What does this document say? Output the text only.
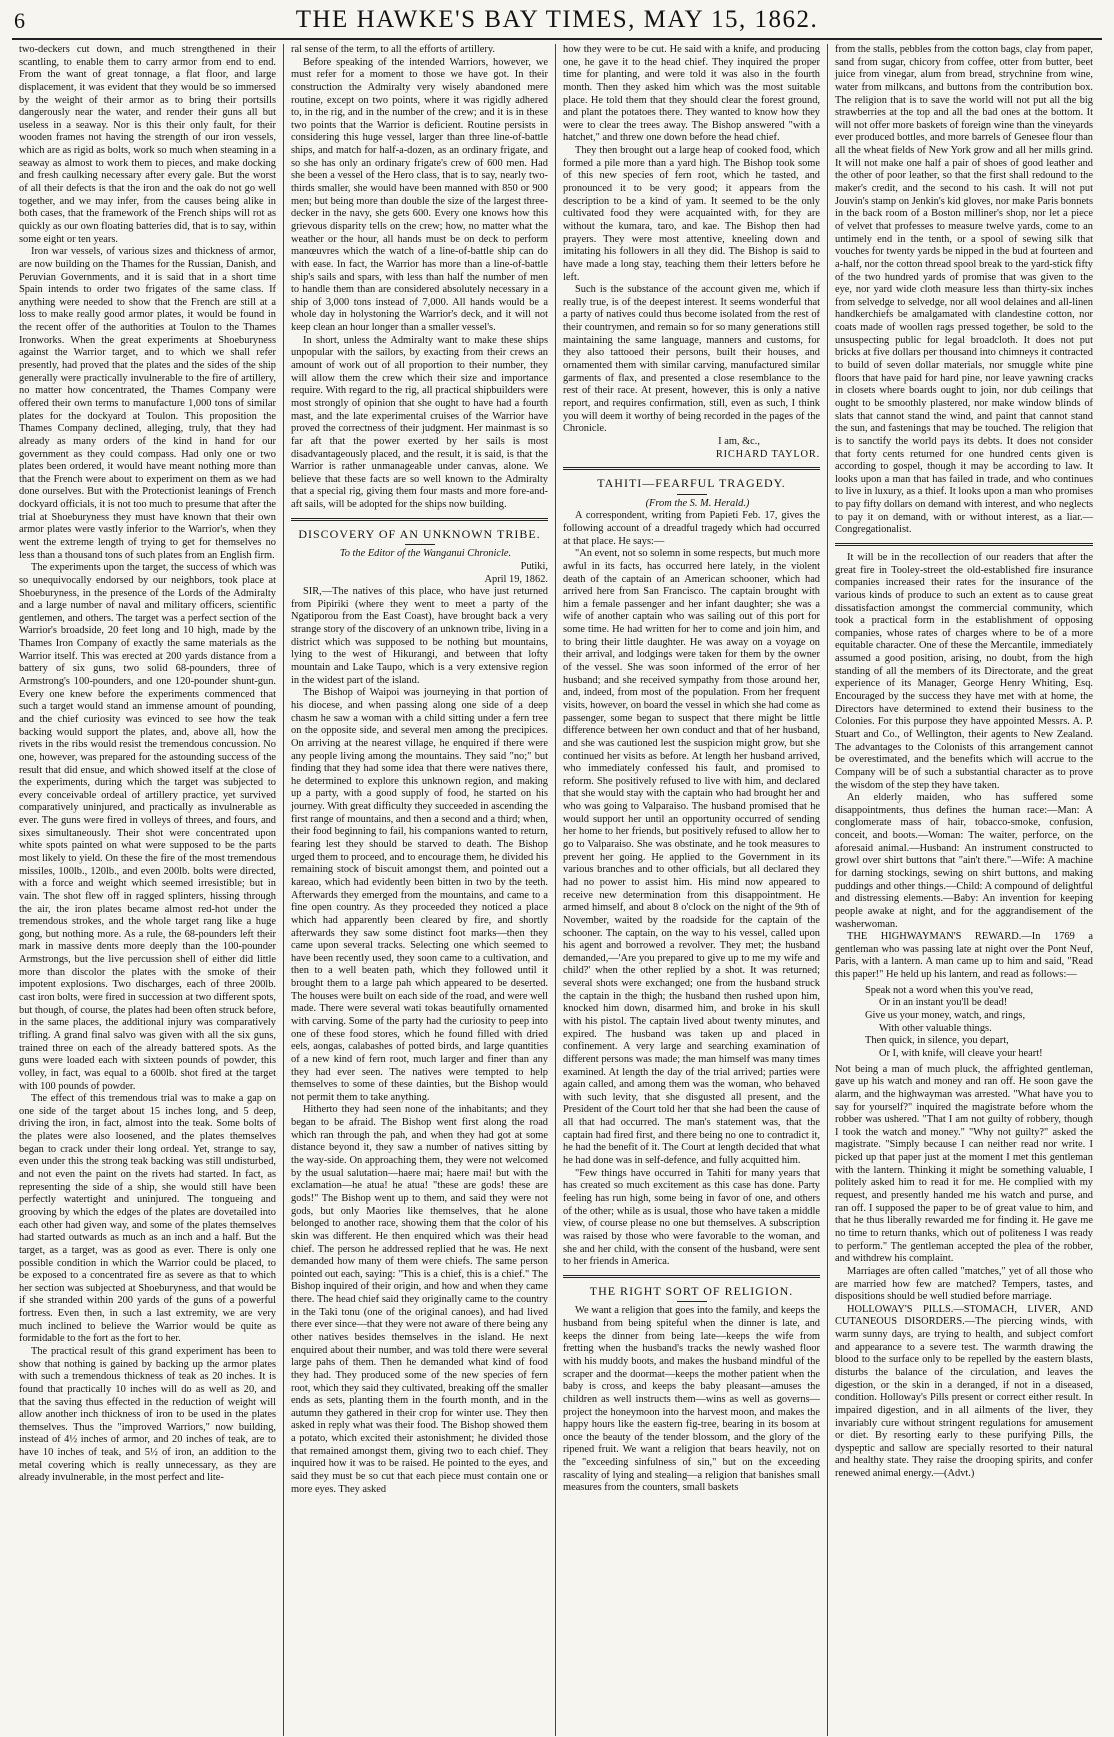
6	THE HAWKE'S BAY TIMES, MAY 15, 1862.

two-deckers cut down, and much strengthened in their scantling, to enable them to carry armor from end to end. From the want of great tonnage, a flat floor, and large displacement, it was evident that they would be so immersed by the weight of their armor as to bring their portsills dangerously near the water, and render their guns all but useless in a seaway. Nor is this their only fault, for their wooden frames not having the strength of our iron vessels, which are as rigid as bolts, work so much when steaming in a seaway as almost to work them to pieces, and make docking and fresh caulking necessary after every gale. But the worst of all their defects is that the iron and the oak do not go well together, and we may infer, from the causes being alike in both cases, that the framework of the French ships will rot as quickly as our own floating batteries did, that is to say, within some eight or ten years.

Iron war vessels, of various sizes and thickness of armor, are now building on the Thames for the Russian, Danish, and Peruvian Governments, and it is said that in a short time Spain intends to order two frigates of the same class. If anything were needed to show that the French are still at a loss to make really good armor plates, it would be found in the recent offer of the authorities at Toulon to the Thames Ironworks. When the great experiments at Shoeburyness against the Warrior target, and to which we shall refer presently, had proved that the plates and the sides of the ship generally were practically invulnerable to the fire of artillery, no matter how concentrated, the Thames Company were offered their own terms to manufacture 1,000 tons of similar plates for the dockyard at Toulon. This proposition the Thames Company declined, alleging, truly, that they had already as many orders of the kind in hand for our government as they could compass. Had only one or two plates been ordered, it would have meant nothing more than that the French were about to experiment on them as we had done ourselves. But with the Protectionist leanings of French dockyard officials, it is not too much to presume that after the trial at Shoeburyness they must have known that their own armor plates were vastly inferior to the Warrior's, when they went the extreme length of trying to get for themselves no less than a thousand tons of such plates from an English firm.

The experiments upon the target, the success of which was so unequivocally endorsed by our neighbors, took place at Shoeburyness, in the presence of the Lords of the Admiralty and a large number of naval and military officers, scientific gentlemen, and others. The target was a perfect section of the Warrior's broadside, 20 feet long and 10 high, made by the Thames Iron Company of exactly the same materials as the Warrior itself. This was erected at 200 yards distance from a battery of six guns, two solid 68-pounders, three of Armstrong's 100-pounders, and one 120-pounder shunt-gun. Every one knew before the experiments commenced that such a target would stand an immense amount of pounding, and the chief curiosity was evinced to see how the teak backing would support the plates, and, above all, how the rivets in the ribs would resist the tremendous concussion. No one, however, was prepared for the astounding success of the result that did ensue, and which showed itself at the close of the experiments, during which the target was subjected to every conceivable ordeal of artillery practice, yet survived comparatively uninjured, and practically as invulnerable as ever. The guns were fired in volleys of threes, and fours, and sixes simultaneously. Their shot were concentrated upon white spots painted on what were supposed to be the parts most likely to yield. On these the fire of the most tremendous missiles, 100lb., 120lb., and even 200lb. bolts were directed, with a force and weight which seemed irresistible; but in vain. The shot flew off in ragged splinters, hissing through the air, the iron plates became almost red-hot under the tremendous strokes, and the whole target rang like a huge gong, but nothing more. As a rule, the 68-pounders left their mark in massive dents more deeply than the 100-pounder Armstrongs, but the live percussion shell of either did little more than discolor the plates with the smoke of their impotent explosions. Two discharges, each of three 200lb. cast iron bolts, were fired in succession at two different spots, but though, of course, the plates had been often struck before, in the same places, the additional injury was comparatively trifling. A grand final salvo was given with all the six guns, trained three on each of the already battered spots. As the guns were loaded each with sixteen pounds of powder, this volley, in fact, was equal to a 600lb. shot fired at the target with 100 pounds of powder.

The effect of this tremendous trial was to make a gap on one side of the target about 15 inches long, and 5 deep, driving the iron, in fact, almost into the teak. Some bolts of the plates were also loosened, and the plates themselves began to crack under their long ordeal. Yet, strange to say, even under this the strong teak backing was still undisturbed, and not even the paint on the rivets had started. In fact, as representing the side of a ship, she would still have been perfectly watertight and uninjured. The tongueing and grooving by which the edges of the plates are dovetailed into each other had given way, and some of the plates themselves had started outwards as much as an inch and a half. But the target, as a target, was as good as ever. There is only one possible condition in which the Warrior could be placed, to be exposed to a concentrated fire as severe as that to which her section was subjected at Shoeburyness, and that would be if she stranded within 200 yards of the guns of a powerful fortress. Even then, in such a last extremity, we are very much inclined to believe the Warrior would be quite as formidable to the fort as the fort to her.

The practical result of this grand experiment has been to show that nothing is gained by backing up the armor plates with such a tremendous thickness of teak as 20 inches. It is found that practically 10 inches will do as well as 20, and that the saving thus effected in the reduction of weight will allow another inch thickness of iron to be used in the plates themselves. Thus the "improved Warriors," now building, instead of 4½ inches of armor, and 20 inches of teak, are to have 10 inches of teak, and 5½ of iron, an addition to the metal covering which is really unnecessary, as they are already invulnerable, in the most perfect and lite-

ral sense of the term, to all the efforts of artillery.

Before speaking of the intended Warriors, however, we must refer for a moment to those we have got. In their construction the Admiralty very wisely abandoned mere routine, except on two points, where it was rigidly adhered to, in the rig, and in the number of the crew; and it is in these two points that the Warrior is deficient. Routine persists in considering this huge vessel, larger than three line-of-battle ships, and match for half-a-dozen, as an ordinary frigate, and so she has only an ordinary frigate's crew of 600 men. Had she been a vessel of the Hero class, that is to say, nearly two-thirds smaller, she would have been manned with 850 or 900 men; but being more than double the size of the largest three-decker in the navy, she gets 600. Every one knows how this grievous disparity tells on the crew; how, no matter what the weather or the hour, all hands must be on deck to perform manœuvres which the watch of a line-of-battle ship can do with ease. In fact, the Warrior has more than a line-of-battle ship's sails and spars, with less than half the number of men to handle them than are considered absolutely necessary in a ship of 3,000 tons instead of 7,000. All hands would be a whole day in holystoning the Warrior's deck, and it will not keep clean an hour longer than a smaller vessel's.

In short, unless the Admiralty want to make these ships unpopular with the sailors, by exacting from their crews an amount of work out of all proportion to their number, they will allow them the crew which their size and importance require. With regard to the rig, all practical shipbuilders were most strongly of opinion that she ought to have had a fourth mast, and the late experimental cruises of the Warrior have proved the correctness of their judgment. Her mainmast is so far aft that the power exerted by her sails is most disadvantageously placed, and the result, it is said, is that the Warrior is rather unmanageable under canvas, alone. We believe that these facts are so well known to the Admiralty that a special rig, giving them four masts and more fore-and-aft sails, will be adopted for the ships now building.

DISCOVERY OF AN UNKNOWN TRIBE.

To the Editor of the Wanganui Chronicle.

Putiki,

April 19, 1862.

SIR,—The natives of this place, who have just returned from Pipiriki (where they went to meet a party of the Ngatiporou from the East Coast), have brought back a very strange story of the discovery of an unknown tribe, living in a district which was supposed to be nothing but mountains, lying to the west of Hikurangi, and between that lofty mountain and Lake Taupo, which is a very extensive region in the widest part of the island.

The Bishop of Waipoi was journeying in that portion of his diocese, and when passing along one side of a deep chasm he saw a woman with a child sitting under a fern tree on the opposite side, and several men among the precipices. On arriving at the nearest village, he enquired if there were any people living among the mountains. They said "no;" but finding that they had some idea that there were natives there, he determined to explore this unknown region, and making up a party, with a good supply of food, he started on his journey. With great difficulty they succeeded in ascending the first range of mountains, and then a second and a third; when, their food beginning to fail, his companions wanted to return, fearing lest they should be starved to death. The Bishop urged them to proceed, and to encourage them, he divided his remaining stock of biscuit amongst them, and pointed out a kareao, which had evidently been bitten in two by the teeth. Afterwards they emerged from the mountains, and came to a fine open country. As they proceeded they noticed a place which had apparently been cleared by fire, and shortly afterwards they saw some distinct foot marks—then they came upon several tracks. Selecting one which seemed to have been recently used, they soon came to a cultivation, and then to a well beaten path, which they followed until it brought them to a large pah which appeared to be deserted. The houses were built on each side of the road, and were well made. There were several wati tokas beautifully ornamented with carving. Some of the party had the curiosity to peep into one of these food stores, which he found filled with dried eels, aongas, calabashes of potted birds, and large quantities of a new kind of fern root, much larger and finer than any they had ever seen. The natives were tempted to help themselves to some of these dainties, but the Bishop would not permit them to take anything.

Hitherto they had seen none of the inhabitants; and they began to be afraid. The Bishop went first along the road which ran through the pah, and when they had got at some distance beyond it, they saw a number of natives sitting by the way-side. On approaching them, they were not welcomed by the usual salutation—haere mai; haere mai! but with the exclamation—he atua! he atua! "these are gods! these are gods!" The Bishop went up to them, and said they were not gods, but only Maories like themselves, that he alone belonged to another race, showing them that the color of his skin was different. He then enquired which was their head chief. The person he addressed replied that he was. He next demanded how many of them were chiefs. The same person pointed out each, saying: "This is a chief, this is a chief." The Bishop inquired of their origin, and how and when they came there. The head chief said they originally came to the country in the Taki tonu (one of the original canoes), and had lived there ever since—that they were not aware of there being any other natives besides themselves in the island. He next enquired about their number, and was told there were several large pahs of them. Then he demanded what kind of food they had. They produced some of the new species of fern root, which they said they cultivated, breaking off the smaller ends as sets, planting them in the fourth month, and in the autumn they gathered in their crop for winter use. They then asked in reply what was their food. The Bishop showed them a potato, which excited their astonishment; he divided those that remained amongst them, giving two to each chief. They inquired how it was to be raised. He pointed to the eyes, and said they must be so cut that each piece must contain one or more eyes. They asked

how they were to be cut. He said with a knife, and producing one, he gave it to the head chief. They inquired the proper time for planting, and were told it was also in the fourth month. Then they asked him which was the most suitable place. He told them that they should clear the forest ground, and plant the potatoes there. They wanted to know how they were to clear the trees away. The Bishop answered "with a hatchet," and threw one down before the head chief.

They then brought out a large heap of cooked food, which formed a pile more than a yard high. The Bishop took some of this new species of fern root, which he tasted, and pronounced it to be very good; it appears from the description to be a kind of yam. It seemed to be the only cultivated food they were acquainted with, for they are without the kumara, taro, and kae. The Bishop then had prayers. They were most attentive, kneeling down and imitating his followers in all they did. The Bishop is said to have made a long stay, teaching them their letters before he left.

Such is the substance of the account given me, which if really true, is of the deepest interest. It seems wonderful that a party of natives could thus become isolated from the rest of their countrymen, and remain so for so many generations still maintaining the same language, manners and customs, for they also tattooed their persons, built their houses, and ornamented them with similar carving, manufactured similar garments of flax, and presented a close resemblance to the rest of their race. At present, however, this is only a native report, and requires confirmation, still, even as such, I think you will deem it worthy of being recorded in the pages of the Chronicle.

I am, &c.,

RICHARD TAYLOR.

TAHITI—FEARFUL TRAGEDY.

(From the S. M. Herald.)

A correspondent, writing from Papieti Feb. 17, gives the following account of a dreadful tragedy which had occurred at that place. He says:—

"An event, not so solemn in some respects, but much more awful in its facts, has occurred here lately, in the violent death of the captain of an American schooner, which had arrived here from San Francisco. The captain brought with him a female passenger and her infant daughter; she was a wife of another captain who was sailing out of this port for some time. He had written for her to come and join him, and to bring their little daughter. He was away on a voyage on their arrival, and lodgings were taken for them by the owner of the vessel. She was soon informed of the error of her husband; and she received sympathy from those around her, and, indeed, from most of the population. From her frequent visits, however, on board the vessel in which she had come as passenger, some began to suspect that there might be little difference between her own conduct and that of her husband, and she was cautioned lest the suspicion might grow, but she continued her visits as before. At length her husband arrived, who immediately confessed his fault, and promised to reform. She positively refused to live with him, and declared that she would stay with the captain who had brought her and who was going to Valparaiso. The husband promised that he would support her until an opportunity occurred of sending her home to her friends, but positively refused to allow her to go to Valparaiso. She was obstinate, and he took measures to prevent her going. He applied to the Government in its various branches and to other officials, but all declared they had no power to assist him. His mind now appeared to receive new determination from this disappointment. He armed himself, and about 8 o'clock on the night of the 9th of November, waited by the roadside for the captain of the schooner. The captain, on the way to his vessel, called upon his agent and borrowed a revolver. They met; the husband demanded,—'Are you prepared to give up to me my wife and child?' when the other replied by a shot. It was returned; several shots were exchanged; one from the husband struck the captain in the thigh; the husband then rushed upon him, knocked him down, disarmed him, and broke in his skull with his pistol. The captain lived about twenty minutes, and expired. The husband was taken up and placed in confinement. A very large and searching examination of different persons was made; the man himself was many times examined. At length the day of the trial arrived; parties were again called, and among them was the woman, who behaved with such levity, that she disgusted all present, and the President of the Court told her that she had been the cause of all that had occurred. The man's statement was, that the captain had fired first, and there being no one to contradict it, he had the benefit of it. The Court at length decided that what he had done was in self-defence, and fully acquitted him.

"Few things have occurred in Tahiti for many years that has created so much excitement as this case has done. Party feeling has run high, some being in favor of one, and others of the other; while as is usual, those who have taken a middle view, of course please no one but themselves. A subscription was raised by those who were favorable to the woman, and she and her child, with the consent of the husband, were sent to her friends in America.

THE RIGHT SORT OF RELIGION.

We want a religion that goes into the family, and keeps the husband from being spiteful when the dinner is late, and keeps the dinner from being late—keeps the wife from fretting when the husband's tracks the newly washed floor with his muddy boots, and makes the husband mindful of the scraper and the doormat—keeps the mother patient when the baby is cross, and keeps the baby pleasant—amuses the children as well instructs them—wins as well as governs—project the honeymoon into the harvest moon, and makes the happy hours like the eastern fig-tree, bearing in its bosom at once the beauty of the tender blossom, and the glory of the ripened fruit. We want a religion that bears heavily, not on the "exceeding sinfulness of sin," but on the exceeding rascality of lying and stealing—a religion that banishes small measures from the counters, small baskets

from the stalls, pebbles from the cotton bags, clay from paper, sand from sugar, chicory from coffee, otter from butter, beet juice from vinegar, alum from bread, strychnine from wine, water from milkcans, and buttons from the contribution box. The religion that is to save the world will not put all the big strawberries at the top and all the bad ones at the bottom. It will not offer more baskets of foreign wine than the vineyards ever produced bottles, and more barrels of Genesee flour than all the wheat fields of New York grow and all her mills grind. It will not make one half a pair of shoes of good leather and the other of poor leather, so that the first shall redound to the maker's credit, and the second to his cash. It will not put Jouvin's stamp on Jenkin's kid gloves, nor make Paris bonnets in the back room of a Boston milliner's shop, nor let a piece of velvet that professes to measure twelve yards, come to an untimely end in the tenth, or a spool of sewing silk that vouches for twenty yards be nipped in the bud at fourteen and a-half, nor the cotton thread spool break to the yard-stick fifty of the two hundred yards of promise that was given to the eye, nor yard wide cloth measure less than thirty-six inches from selvedge to selvedge, nor all wool delaines and all-linen handkerchiefs be amalgamated with clandestine cotton, nor coats made of woollen rags pressed together, be sold to the unsuspecting public for legal broadcloth. It does not put bricks at five dollars per thousand into chimneys it contracted to build of seven dollar materials, nor smuggle white pine floors that have paid for hard pine, nor leave yawning cracks in closets where boards ought to join, nor dub ceilings that ought to be smoothly plastered, nor make window blinds of slats that cannot stand the wind, and paint that cannot stand the sun, and fastenings that may be touched. The religion that is to sanctify the world pays its debts. It does not consider that forty cents returned for one hundred cents given is according to gospel, though it may be according to law. It looks upon a man that has failed in trade, and who continues to live in luxury, as a thief. It looks upon a man who promises to pay fifty dollars on demand with interest, and who neglects to pay it on demand, with or without interest, as a liar.—Congregationalist.

It will be in the recollection of our readers that after the great fire in Tooley-street the old-established fire insurance companies increased their rates for the insurance of the various kinds of produce to such an extent as to cause great dissatisfaction amongst the commercial community, which took a practical form in the establishment of opposing companies, whose rates of charges where to be of a more equitable character. One of these the Mercantile, immediately assumed a good position, arising, no doubt, from the high standing of all the members of its Directorate, and the great experience of its Manager, George Henry Whiting, Esq. Encouraged by the success they have met with at home, the Directors have determined to extend their business to the Colonies. For this purpose they have appointed Messrs. A. P. Stuart and Co., of Wellington, their agents to New Zealand. The advantages to the Colonists of this arrangement cannot be overestimated, and the benefits which will accrue to the Company will be of such a substantial character as to prove the wisdom of the step they have taken.

An elderly maiden, who has suffered some disappointments, thus defines the human race:—Man: A conglomerate mass of hair, tobacco-smoke, confusion, conceit, and boots.—Woman: The waiter, perforce, on the aforesaid animal.—Husband: An instrument constructed to growl over shirt buttons that "ain't there."—Wife: A machine for darning stockings, sewing on shirt buttons, and making puddings and other things.—Child: A compound of delightful and distressing elements.—Baby: An invention for keeping people awake at night, and for the aggrandisement of the washerwoman.

THE HIGHWAYMAN'S REWARD.—In 1769 a gentleman who was passing late at night over the Pont Neuf, Paris, with a lantern. A man came up to him and said, "Read this paper!" He held up his lantern, and read as follows:—

Speak not a word when this you've read,
Or in an instant you'll be dead!
Give us your money, watch, and rings,
With other valuable things.
Then quick, in silence, you depart,
Or I, with knife, will cleave your heart!

Not being a man of much pluck, the affrighted gentleman, gave up his watch and money and ran off. He soon gave the alarm, and the highwayman was arrested. "What have you to say for yourself?" inquired the magistrate before whom the robber was ushered. "That I am not guilty of robbery, though I took the watch and money." "Why not guilty?" asked the magistrate. "Simply because I can neither read nor write. I picked up that paper just at the moment I met this gentleman with the lantern. Thinking it might be something valuable, I politely asked him to read it for me. He complied with my request, and presently handed me his watch and purse, and ran off. I supposed the paper to be of great value to him, and that he thus liberally rewarded me for finding it. He gave me no time to return thanks, which out of politeness I was ready to perform." The gentleman accepted the plea of the robber, and withdrew his complaint.

Marriages are often called "matches," yet of all those who are married how few are matched? Tempers, tastes, and dispositions should be well studied before marriage.

HOLLOWAY'S PILLS.—STOMACH, LIVER, AND CUTANEOUS DISORDERS.—The piercing winds, with warm sunny days, are trying to health, and subject comfort and appearance to a severe test. The warmth drawing the blood to the surface only to be repelled by the eastern blasts, disturbs the balance of the circulation, and leaves the digestion, or the skin in a deranged, if not in a diseased, condition. Holloway's Pills present or correct either result. In impaired digestion, and in all ailments of the liver, they invariably cure without stringent regulations for amusement or diet. By resorting early to these purifying Pills, the dyspeptic and sallow are specially resorted to their natural and healthy state. They raise the drooping spirits, and confer renewed animal energy.—(Advt.)
